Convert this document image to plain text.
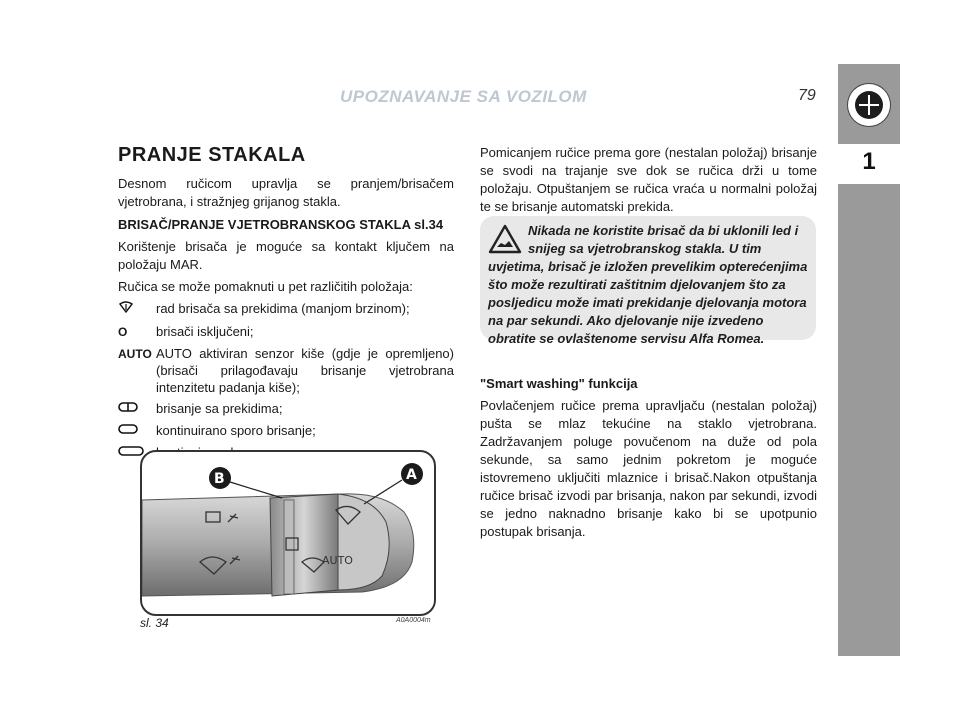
UPOZNAVANJE SA VOZILOM	79
1
PRANJE STAKALA

Desnom ručicom upravlja se pranjem/brisačem vjetrobrana, i stražnjeg grijanog stakla.

BRISAČ/PRANJE VJETROBRANSKOG STAKLA sl.34

Korištenje brisača je moguće sa kontakt ključem na položaju MAR.

Ručica se može pomaknuti u pet različitih položaja:

rad brisača sa prekidima (manjom brzinom);
O	brisači isključeni;
AUTO AUTO aktiviran senzor kiše (gdje je opremljeno)(brisači prilagođavaju brisanje vjetrobrana intenzitetu padanja kiše);
brisanje sa prekidima;
kontinuirano sporo brisanje;
AUTO
B	A
sl. 34	A0A0004m

Pomicanjem ručice prema gore (nestalan položaj) brisanje se svodi na trajanje sve dok se ručica drži u tome položaju. Otpuštanjem se ručica vraća u normalni položaj te se brisanje automatski prekida.

Nikada ne koristite brisač da bi uklonili led i snijeg sa vjetrobranskog stakla. U tim uvjetima, brisač je izložen prevelikim opterećenjima što može rezultirati zaštitnim djelovanjem što za posljedicu može imati prekidanje djelovanja motora na par sekundi. Ako djelovanje nije izvedeno obratite se ovlaštenome servisu Alfa Romea.
"Smart washing" funkcija

Povlačenjem ručice prema upravljaču (nestalan položaj) pušta se mlaz tekućine na staklo vjetrobrana. Zadržavanjem poluge povučenom na duže od pola sekunde, sa samo jednim pokretom je moguće istovremeno uključiti mlaznice i brisač.Nakon otpuštanja ručice brisač izvodi par brisanja, nakon par sekundi, izvodi se jedno naknadno brisanje kako bi se upotpunio postupak brisanja.
